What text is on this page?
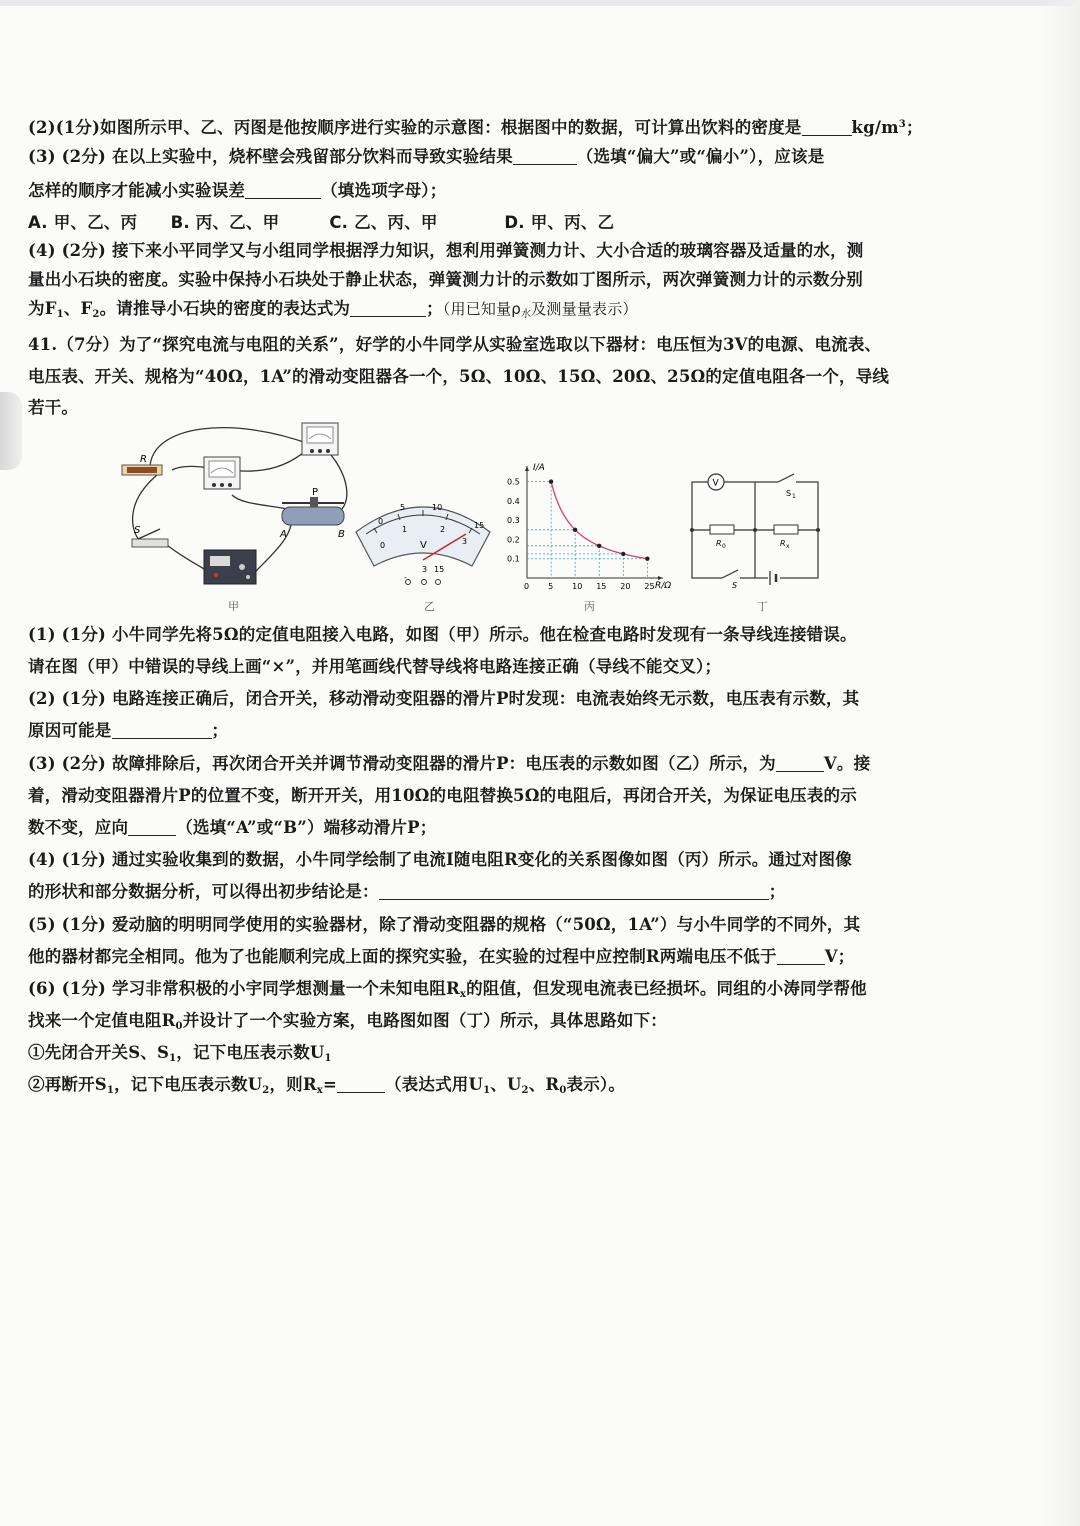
(2)(1分)如图所示甲、乙、丙图是他按顺序进行实验的示意图：根据图中的数据，可计算出饮料的密度是	$kg/m^3$；
(3) (2分) 在以上实验中，烧杯壁会残留部分饮料而导致实验结果	（选填“偏大”或“偏小”），应该是
怎样的顺序才能减小实验误差	（填选项字母）；
A. 甲、乙、丙　　B. 丙、乙、甲　　　C. 乙、丙、甲　　　　D. 甲、丙、乙
(4) (2分) 接下来小平同学又与小组同学根据浮力知识，想利用弹簧测力计、大小合适的玻璃容器及适量的水，测
量出小石块的密度。实验中保持小石块处于静止状态，弹簧测力计的示数如丁图所示，两次弹簧测力计的示数分别
为$F_1$、$F_2$。请推导小石块的密度的表达式为	；（用已知量$\rho_水$及测量量表示）
41.（7分）为了“探究电流与电阻的关系”，好学的小牛同学从实验室选取以下器材：电压恒为3V的电源、电流表、
电压表、开关、规格为“40Ω，1A”的滑动变阻器各一个，5Ω、10Ω、15Ω、20Ω、25Ω的定值电阻各一个，导线
若干。
R
P
A	B
S
0
5	10
15
0
1	2
3
V
-
3 15
0 5 10 15 20 25
0.1
0.2
0.3
0.4
0.5
I/A
R/Ω
V
S 1
R 0	R x
S
甲	乙	丙	丁
(1) (1分) 小牛同学先将5Ω的定值电阻接入电路，如图（甲）所示。他在检查电路时发现有一条导线连接错误。
请在图（甲）中错误的导线上画“×”，并用笔画线代替导线将电路连接正确（导线不能交叉）；
(2) (1分) 电路连接正确后，闭合开关，移动滑动变阻器的滑片P时发现：电流表始终无示数，电压表有示数，其
原因可能是	；
(3) (2分) 故障排除后，再次闭合开关并调节滑动变阻器的滑片P：电压表的示数如图（乙）所示，为	V。接
着，滑动变阻器滑片P的位置不变，断开开关，用10Ω的电阻替换5Ω的电阻后，再闭合开关，为保证电压表的示
数不变，应向	（选填“A”或“B”）端移动滑片P；
(4) (1分) 通过实验收集到的数据，小牛同学绘制了电流I随电阻R变化的关系图像如图（丙）所示。通过对图像
的形状和部分数据分析，可以得出初步结论是：	；
(5) (1分) 爱动脑的明明同学使用的实验器材，除了滑动变阻器的规格（“50Ω，1A”）与小牛同学的不同外，其
他的器材都完全相同。他为了也能顺利完成上面的探究实验，在实验的过程中应控制R两端电压不低于	V；
(6) (1分) 学习非常积极的小宇同学想测量一个未知电阻$R_x$的阻值，但发现电流表已经损坏。同组的小涛同学帮他
找来一个定值电阻$R_0$并设计了一个实验方案，电路图如图（丁）所示，具体思路如下：
①先闭合开关S、$S_1$，记下电压表示数$U_1$
②再断开$S_1$，记下电压表示数$U_2$，则$R_x=$	（表达式用$U_1$、$U_2$、$R_0$表示）。
